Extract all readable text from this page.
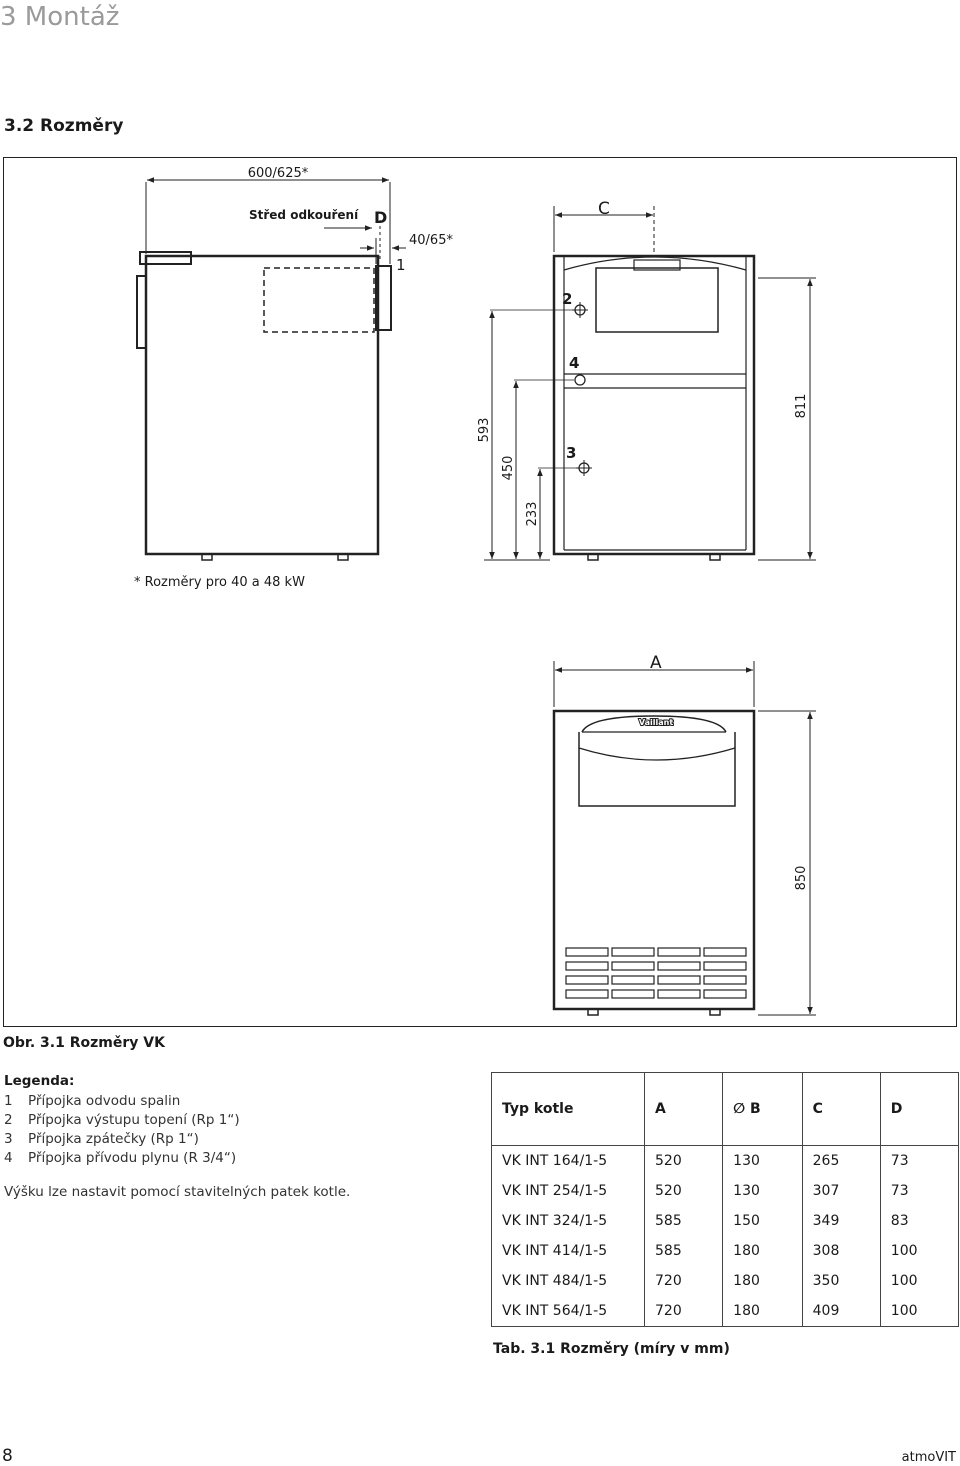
3 Montáž
3.2 Rozměry
600/625*
Střed odkouření D
40/65*
1
C
2
4
3
593
450
233
811
* Rozměry pro 40 a 48 kW
A
Vaillant
850
Obr. 3.1 Rozměry VK
Legenda:
1	Přípojka odvodu spalin
2	Přípojka výstupu topení (Rp 1“)
3	Přípojka zpátečky (Rp 1“)
4	Přípojka přívodu plynu (R 3/4“)
Výšku lze nastavit pomocí stavitelných patek kotle.
Typ kotle	A	∅ B	C	D
VK INT 164/1-5	520	130	265	73
VK INT 254/1-5	520	130	307	73
VK INT 324/1-5	585	150	349	83
VK INT 414/1-5	585	180	308	100
VK INT 484/1-5	720	180	350	100
VK INT 564/1-5	720	180	409	100
Tab. 3.1 Rozměry (míry v mm)
8	atmoVIT
